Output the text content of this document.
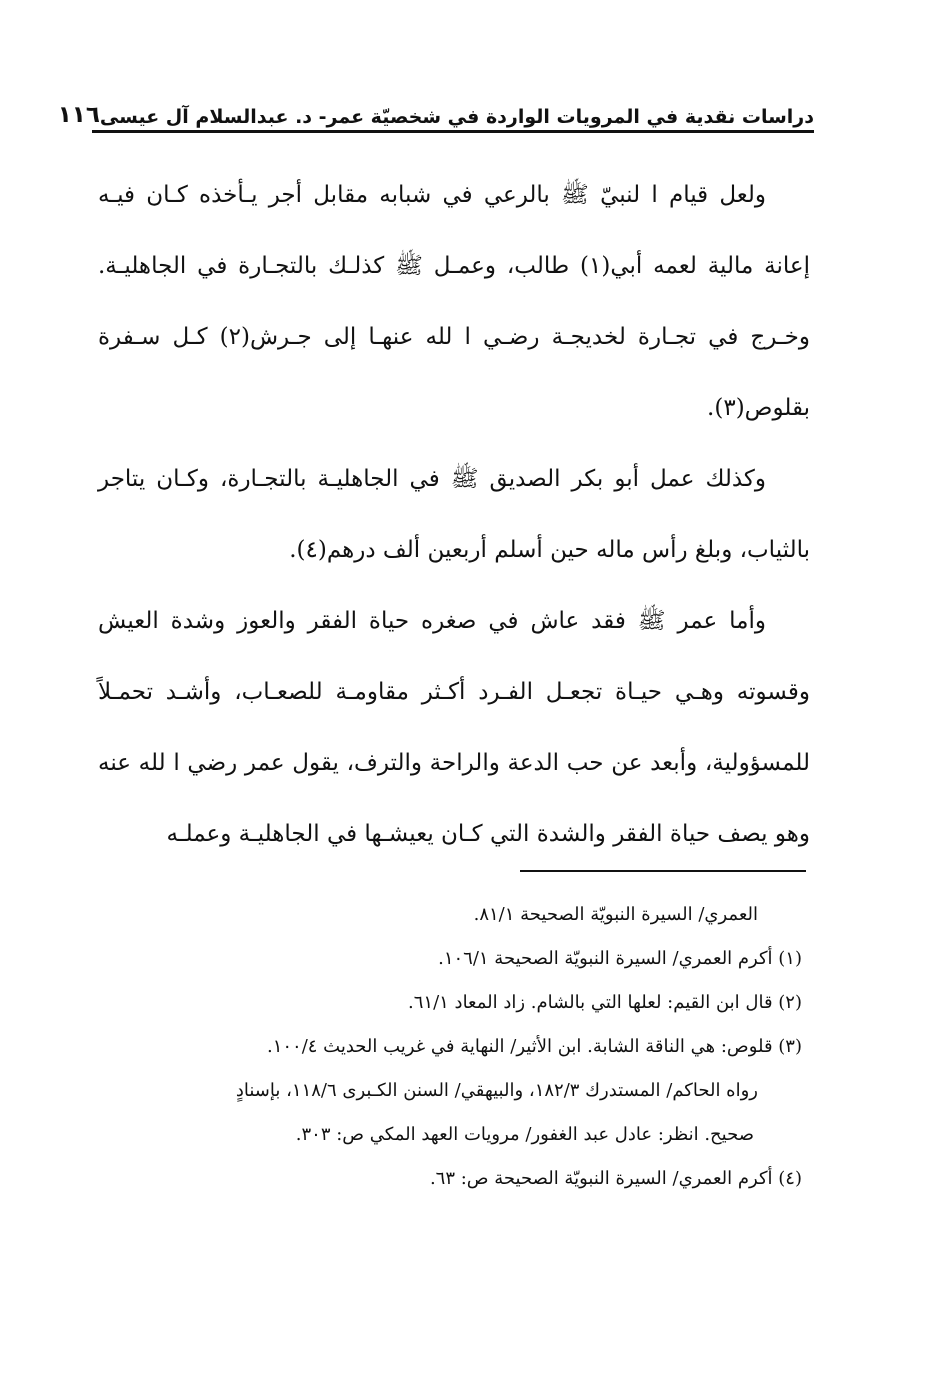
دراسات نقدية في المرويات الواردة في شخصيّة عمر- د. عبدالسلام آل عيسى
١١٦

ولعل قيام ا لنبيّ ﷺ بالرعي في شبابه مقابل أجر يـأخذه كـان فيـه إعانة مالية لعمه أبي(١) طالب، وعمـل ﷺ كذلـك بالتجـارة في الجاهليـة. وخـرج في تجـارة لخديجـة رضـي ا لله عنهـا إلى جـرش(٢) كـل سـفرة بقلوص(٣).

وكذلك عمل أبو بكر الصديق ﷺ في الجاهليـة بالتجـارة، وكـان يتاجر بالثياب، وبلغ رأس ماله حين أسلم أربعين ألف درهم(٤).

وأما عمر ﷺ فقد عاش في صغره حياة الفقر والعوز وشدة العيش وقسوته وهـي حيـاة تجعـل الفـرد أكـثر مقاومـة للصعـاب، وأشـد تحمـلاً للمسؤولية، وأبعد عن حب الدعة والراحة والترف، يقول عمر رضي ا لله عنه وهو يصف حياة الفقر والشدة التي كـان يعيشـها في الجاهليـة وعملـه

العمري/ السيرة النبويّة الصحيحة ٨١/١.

(١) أكرم العمري/ السيرة النبويّة الصحيحة ١٠٦/١.

(٢) قال ابن القيم: لعلها التي بالشام. زاد المعاد ٦١/١.

(٣) قلوص: هي الناقة الشابة. ابن الأثير/ النهاية في غريب الحديث ١٠٠/٤.

رواه الحاكم/ المستدرك ١٨٢/٣، والبيهقي/ السنن الكـبرى ١١٨/٦، بإسنادٍ

صحيح. انظر: عادل عبد الغفور/ مرويات العهد المكي ص: ٣٠٣.

(٤) أكرم العمري/ السيرة النبويّة الصحيحة ص: ٦٣.
